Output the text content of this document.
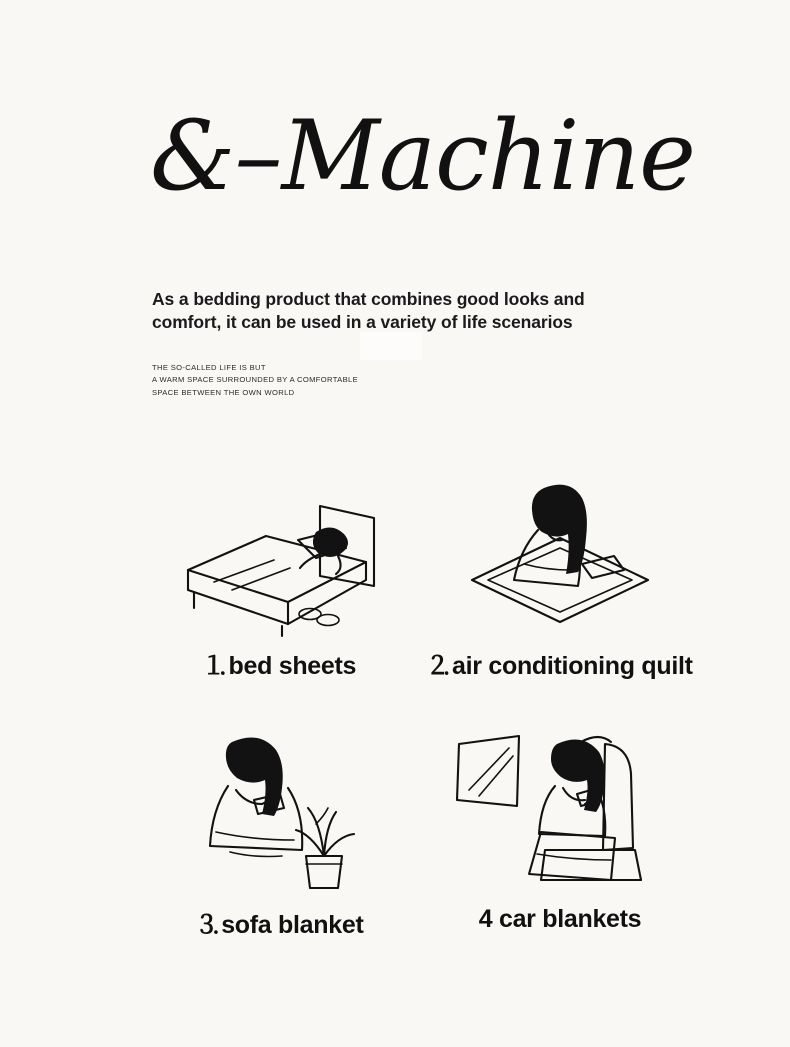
&–Machine
As a bedding product that combines good looks and comfort, it can be used in a variety of life scenarios
THE SO-CALLED LIFE IS BUT
A WARM SPACE SURROUNDED BY A COMFORTABLE
SPACE BETWEEN THE OWN WORLD
⒈bed sheets	⒉air conditioning quilt
⒊sofa blanket	4 car blankets
